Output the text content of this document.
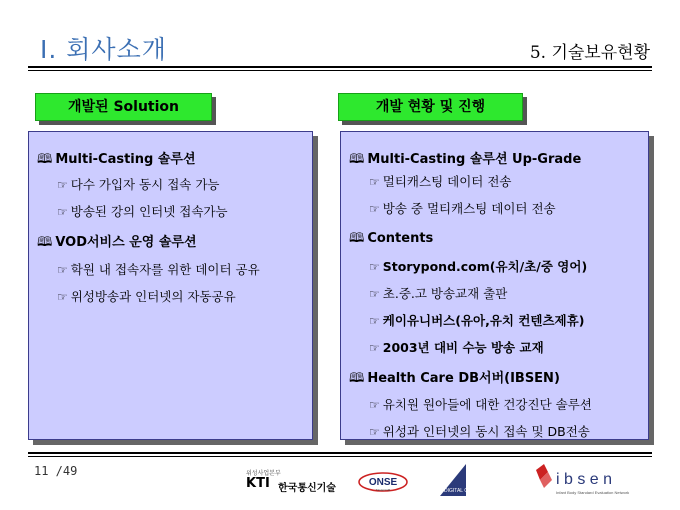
Ⅰ. 회사소개	5. 기술보유현황
개발된 Solution	개발 현황 및 진행
🕮 Multi-Casting 솔루션
☞ 다수 가입자 동시 접속 가능
☞ 방송된 강의 인터넷 접속가능
🕮 VOD서비스 운영 솔루션
☞ 학원 내 접속자를 위한 데이터 공유
☞ 위성방송과 인터넷의 자동공유
🕮 Multi-Casting 솔루션 Up-Grade
☞ 멀티캐스팅 데이터 전송
☞ 방송 중 멀티캐스팅 데이터 전송
🕮 Contents
☞ Storypond.com(유치/초/중 영어)
☞ 초.중.고 방송교재 출판
☞ 케이유니버스(유아,유치 컨텐츠제휴)
☞ 2003년 대비 수능 방송 교재
🕮 Health Care DB서버(IBSEN)
☞ 유치원 원아들에 대한 건강진단 솔루션
☞ 위성과 인터넷의 동시 접속 및 DB전송
11 /49	위성사업본부
KTI 한국통신기술
ONSE
TELECOM	DIGITAL CLASS
i b s e n
Infant Body Standard Evaluation Network
